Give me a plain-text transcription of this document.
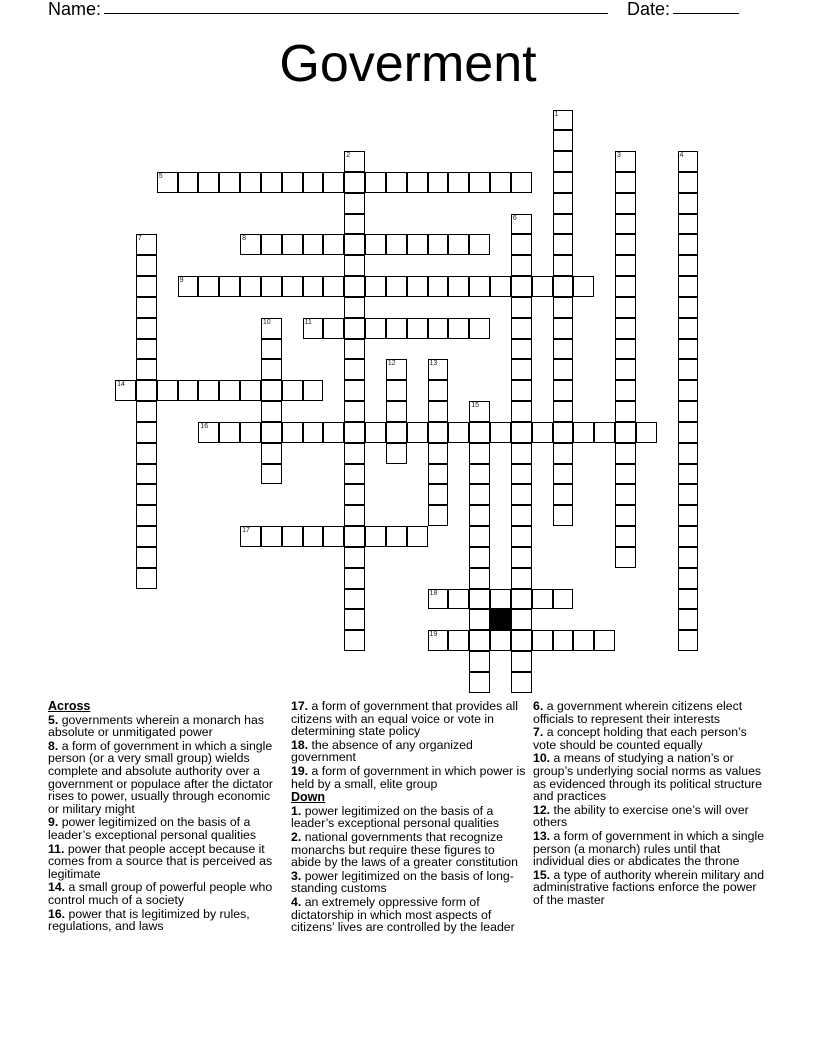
Name:	Date:
Goverment
1
2	3	4
5
6
7	8
9
10	11
12	13
14
15
16
17
18
19
Across
5. governments wherein a monarch has absolute or unmitigated power
8. a form of government in which a single person (or a very small group) wields complete and absolute authority over a government or populace after the dictator rises to power, usually through economic or military might
9. power legitimized on the basis of a leader’s exceptional personal qualities
11. power that people accept because it comes from a source that is perceived as legitimate
14. a small group of powerful people who control much of a society
16. power that is legitimized by rules, regulations, and laws
17. a form of government that provides all citizens with an equal voice or vote in determining state policy
18. the absence of any organized government
19. a form of government in which power is held by a small, elite group
Down
1. power legitimized on the basis of a leader’s exceptional personal qualities
2. national governments that recognize monarchs but require these figures to abide by the laws of a greater constitution
3. power legitimized on the basis of long-standing customs
4. an extremely oppressive form of dictatorship in which most aspects of citizens’ lives are controlled by the leader
6. a government wherein citizens elect officials to represent their interests
7. a concept holding that each person’s vote should be counted equally
10. a means of studying a nation’s or group’s underlying social norms as values as evidenced through its political structure and practices
12. the ability to exercise one’s will over others
13. a form of government in which a single person (a monarch) rules until that individual dies or abdicates the throne
15. a type of authority wherein military and administrative factions enforce the power of the master
